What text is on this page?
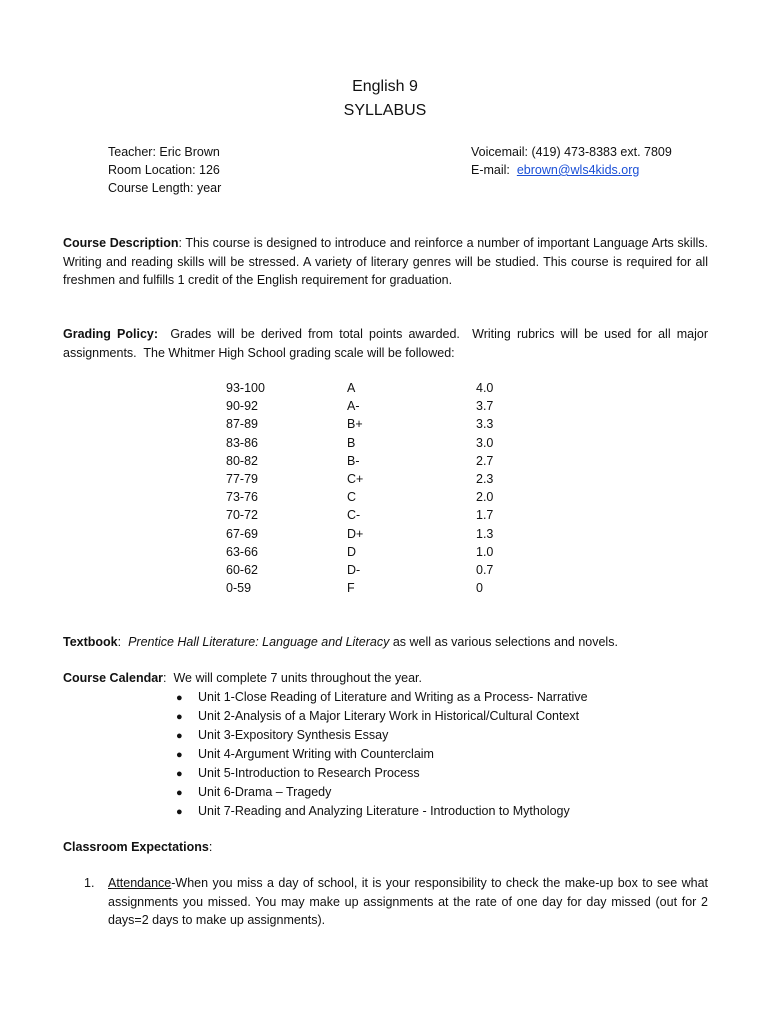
English 9
SYLLABUS
Teacher: Eric Brown
Room Location: 126
Course Length: year
Voicemail: (419) 473-8383 ext. 7809
E-mail:  ebrown@wls4kids.org
Course Description: This course is designed to introduce and reinforce a number of important Language Arts skills. Writing and reading skills will be stressed. A variety of literary genres will be studied. This course is required for all freshmen and fulfills 1 credit of the English requirement for graduation.
Grading Policy:  Grades will be derived from total points awarded.  Writing rubrics will be used for all major assignments.  The Whitmer High School grading scale will be followed:
93-100	A	4.0
90-92	A-	3.7
87-89	B+	3.3
83-86	B	3.0
80-82	B-	2.7
77-79	C+	2.3
73-76	C	2.0
70-72	C-	1.7
67-69	D+	1.3
63-66	D	1.0
60-62	D-	0.7
0-59	F	0
Textbook:  Prentice Hall Literature: Language and Literacy as well as various selections and novels.
Course Calendar:  We will complete 7 units throughout the year.
● Unit 1-Close Reading of Literature and Writing as a Process- Narrative
● Unit 2-Analysis of a Major Literary Work in Historical/Cultural Context
● Unit 3-Expository Synthesis Essay
● Unit 4-Argument Writing with Counterclaim
● Unit 5-Introduction to Research Process
● Unit 6-Drama – Tragedy
● Unit 7-Reading and Analyzing Literature - Introduction to Mythology
Classroom Expectations:
1. Attendance-When you miss a day of school, it is your responsibility to check the make-up box to see what assignments you missed. You may make up assignments at the rate of one day for day missed (out for 2 days=2 days to make up assignments).
